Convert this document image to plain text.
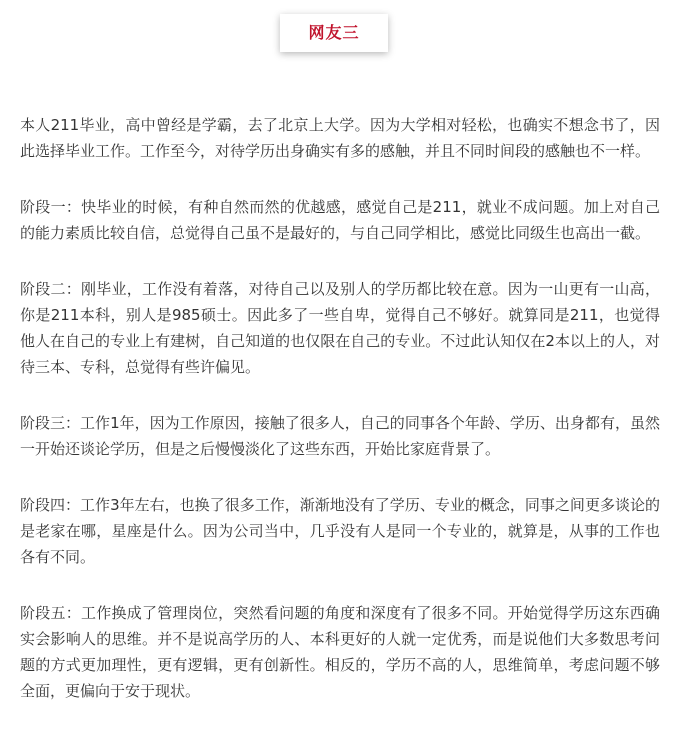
网友三

本人211毕业，高中曾经是学霸，去了北京上大学。因为大学相对轻松，也确实不想念书了，因此选择毕业工作。工作至今，对待学历出身确实有多的感触，并且不同时间段的感触也不一样。

阶段一：快毕业的时候，有种自然而然的优越感，感觉自己是211，就业不成问题。加上对自己的能力素质比较自信，总觉得自己虽不是最好的，与自己同学相比，感觉比同级生也高出一截。

阶段二：刚毕业，工作没有着落，对待自己以及别人的学历都比较在意。因为一山更有一山高，你是211本科，别人是985硕士。因此多了一些自卑，觉得自己不够好。就算同是211，也觉得他人在自己的专业上有建树，自己知道的也仅限在自己的专业。不过此认知仅在2本以上的人，对待三本、专科，总觉得有些许偏见。

阶段三：工作1年，因为工作原因，接触了很多人，自己的同事各个年龄、学历、出身都有，虽然一开始还谈论学历，但是之后慢慢淡化了这些东西，开始比家庭背景了。

阶段四：工作3年左右，也换了很多工作，渐渐地没有了学历、专业的概念，同事之间更多谈论的是老家在哪，星座是什么。因为公司当中，几乎没有人是同一个专业的，就算是，从事的工作也各有不同。

阶段五：工作换成了管理岗位，突然看问题的角度和深度有了很多不同。开始觉得学历这东西确实会影响人的思维。并不是说高学历的人、本科更好的人就一定优秀，而是说他们大多数思考问题的方式更加理性，更有逻辑，更有创新性。相反的，学历不高的人，思维简单，考虑问题不够全面，更偏向于安于现状。
